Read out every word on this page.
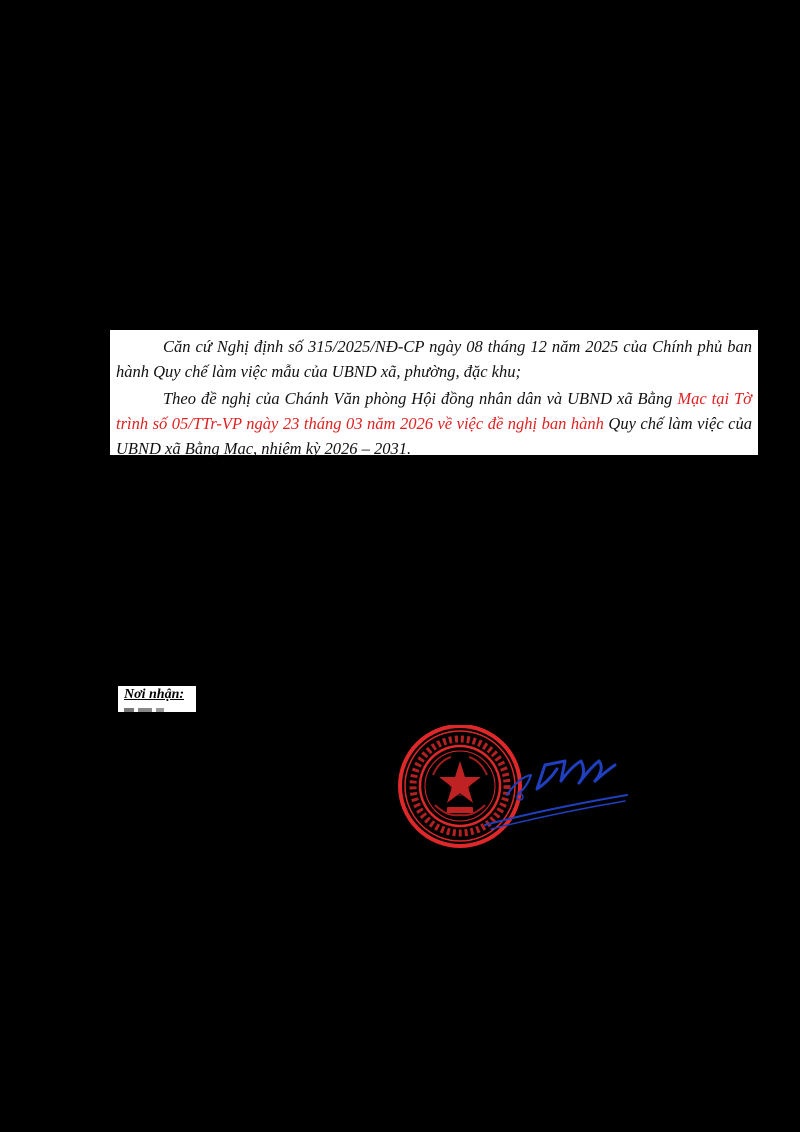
Căn cứ Nghị định số 315/2025/NĐ-CP ngày 08 tháng 12 năm 2025 của Chính phủ ban hành Quy chế làm việc mẫu của UBND xã, phường, đặc khu;

Theo đề nghị của Chánh Văn phòng Hội đồng nhân dân và UBND xã Bằng Mạc tại Tờ trình số 05/TTr-VP ngày 23 tháng 03 năm 2026 về việc đề nghị ban hành Quy chế làm việc của UBND xã Bằng Mạc, nhiệm kỳ 2026 – 2031.

Nơi nhận:
